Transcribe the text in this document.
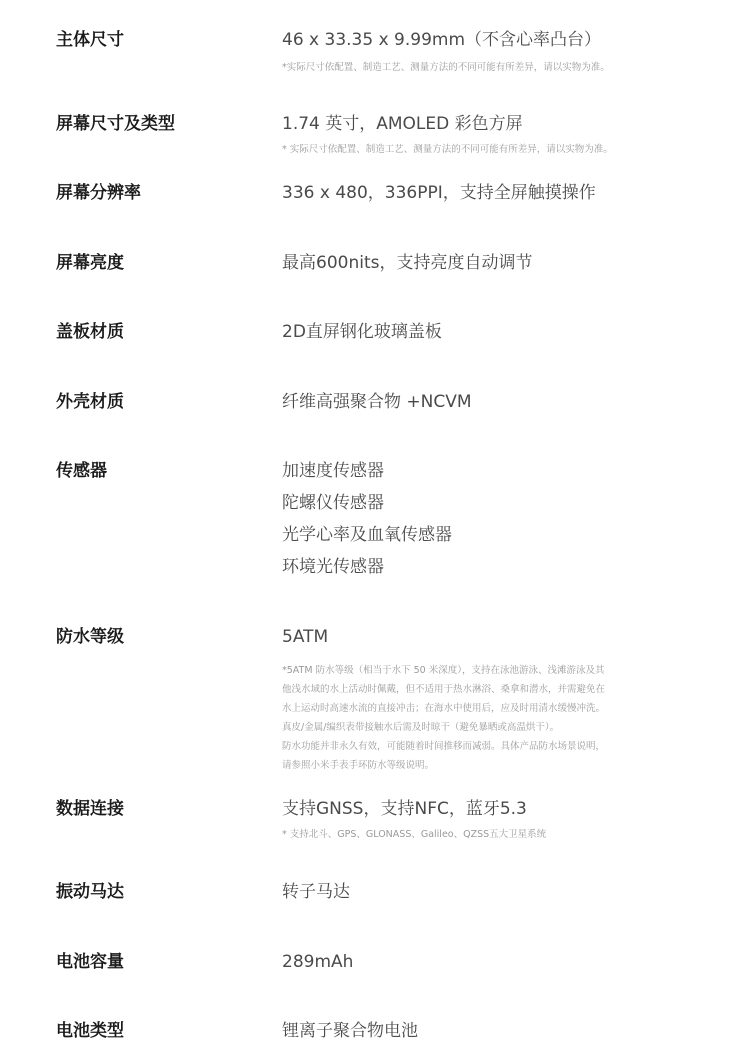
主体尺寸	46 x 33.35 x 9.99mm（不含心率凸台）
*实际尺寸依配置、制造工艺、测量方法的不同可能有所差异，请以实物为准。
屏幕尺寸及类型	1.74 英寸，AMOLED 彩色方屏
* 实际尺寸依配置、制造工艺、测量方法的不同可能有所差异，请以实物为准。
屏幕分辨率	336 x 480，336PPI，支持全屏触摸操作
屏幕亮度	最高600nits，支持亮度自动调节
盖板材质	2D直屏钢化玻璃盖板
外壳材质	纤维高强聚合物 +NCVM
传感器	加速度传感器
陀螺仪传感器
光学心率及血氧传感器
环境光传感器
防水等级	5ATM
*5ATM 防水等级（相当于水下 50 米深度），支持在泳池游泳、浅滩游泳及其
他浅水域的水上活动时佩戴，但不适用于热水淋浴、桑拿和潜水，并需避免在
水上运动时高速水流的直接冲击；在海水中使用后，应及时用清水缓慢冲洗。
真皮/金属/编织表带接触水后需及时晾干（避免暴晒或高温烘干）。
防水功能并非永久有效，可能随着时间推移而减弱。具体产品防水场景说明，
请参照小米手表手环防水等级说明。
数据连接	支持GNSS，支持NFC，蓝牙5.3
* 支持北斗、GPS、GLONASS、Galileo、QZSS五大卫星系统
振动马达	转子马达
电池容量	289mAh
电池类型	锂离子聚合物电池
